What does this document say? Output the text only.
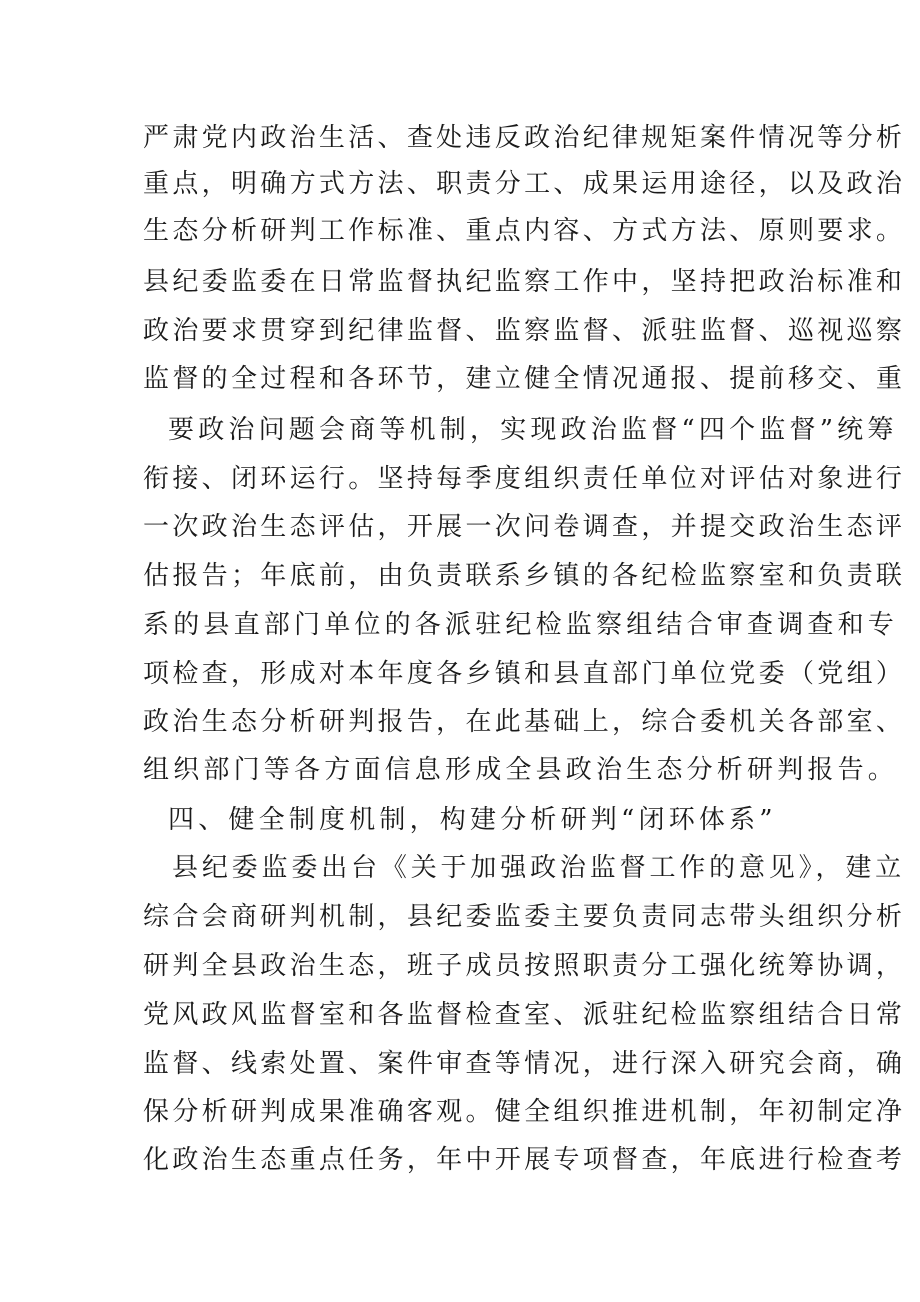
严肃党内政治生活、查处违反政治纪律规矩案件情况等分析
重点，明确方式方法、职责分工、成果运用途径，以及政治
生态分析研判工作标准、重点内容、方式方法、原则要求。
县纪委监委在日常监督执纪监察工作中，坚持把政治标准和
政治要求贯穿到纪律监督、监察监督、派驻监督、巡视巡察
监督的全过程和各环节，建立健全情况通报、提前移交、重
要政治问题会商等机制，实现政治监督“四个监督”统筹
衔接、闭环运行。坚持每季度组织责任单位对评估对象进行
一次政治生态评估，开展一次问卷调查，并提交政治生态评
估报告；年底前，由负责联系乡镇的各纪检监察室和负责联
系的县直部门单位的各派驻纪检监察组结合审查调查和专
项检查，形成对本年度各乡镇和县直部门单位党委（党组）
政治生态分析研判报告，在此基础上，综合委机关各部室、
组织部门等各方面信息形成全县政治生态分析研判报告。
四、健全制度机制，构建分析研判“闭环体系”
县纪委监委出台《关于加强政治监督工作的意见》，建立
综合会商研判机制，县纪委监委主要负责同志带头组织分析
研判全县政治生态，班子成员按照职责分工强化统筹协调，
党风政风监督室和各监督检查室、派驻纪检监察组结合日常
监督、线索处置、案件审查等情况，进行深入研究会商，确
保分析研判成果准确客观。健全组织推进机制，年初制定净
化政治生态重点任务，年中开展专项督查，年底进行检查考
